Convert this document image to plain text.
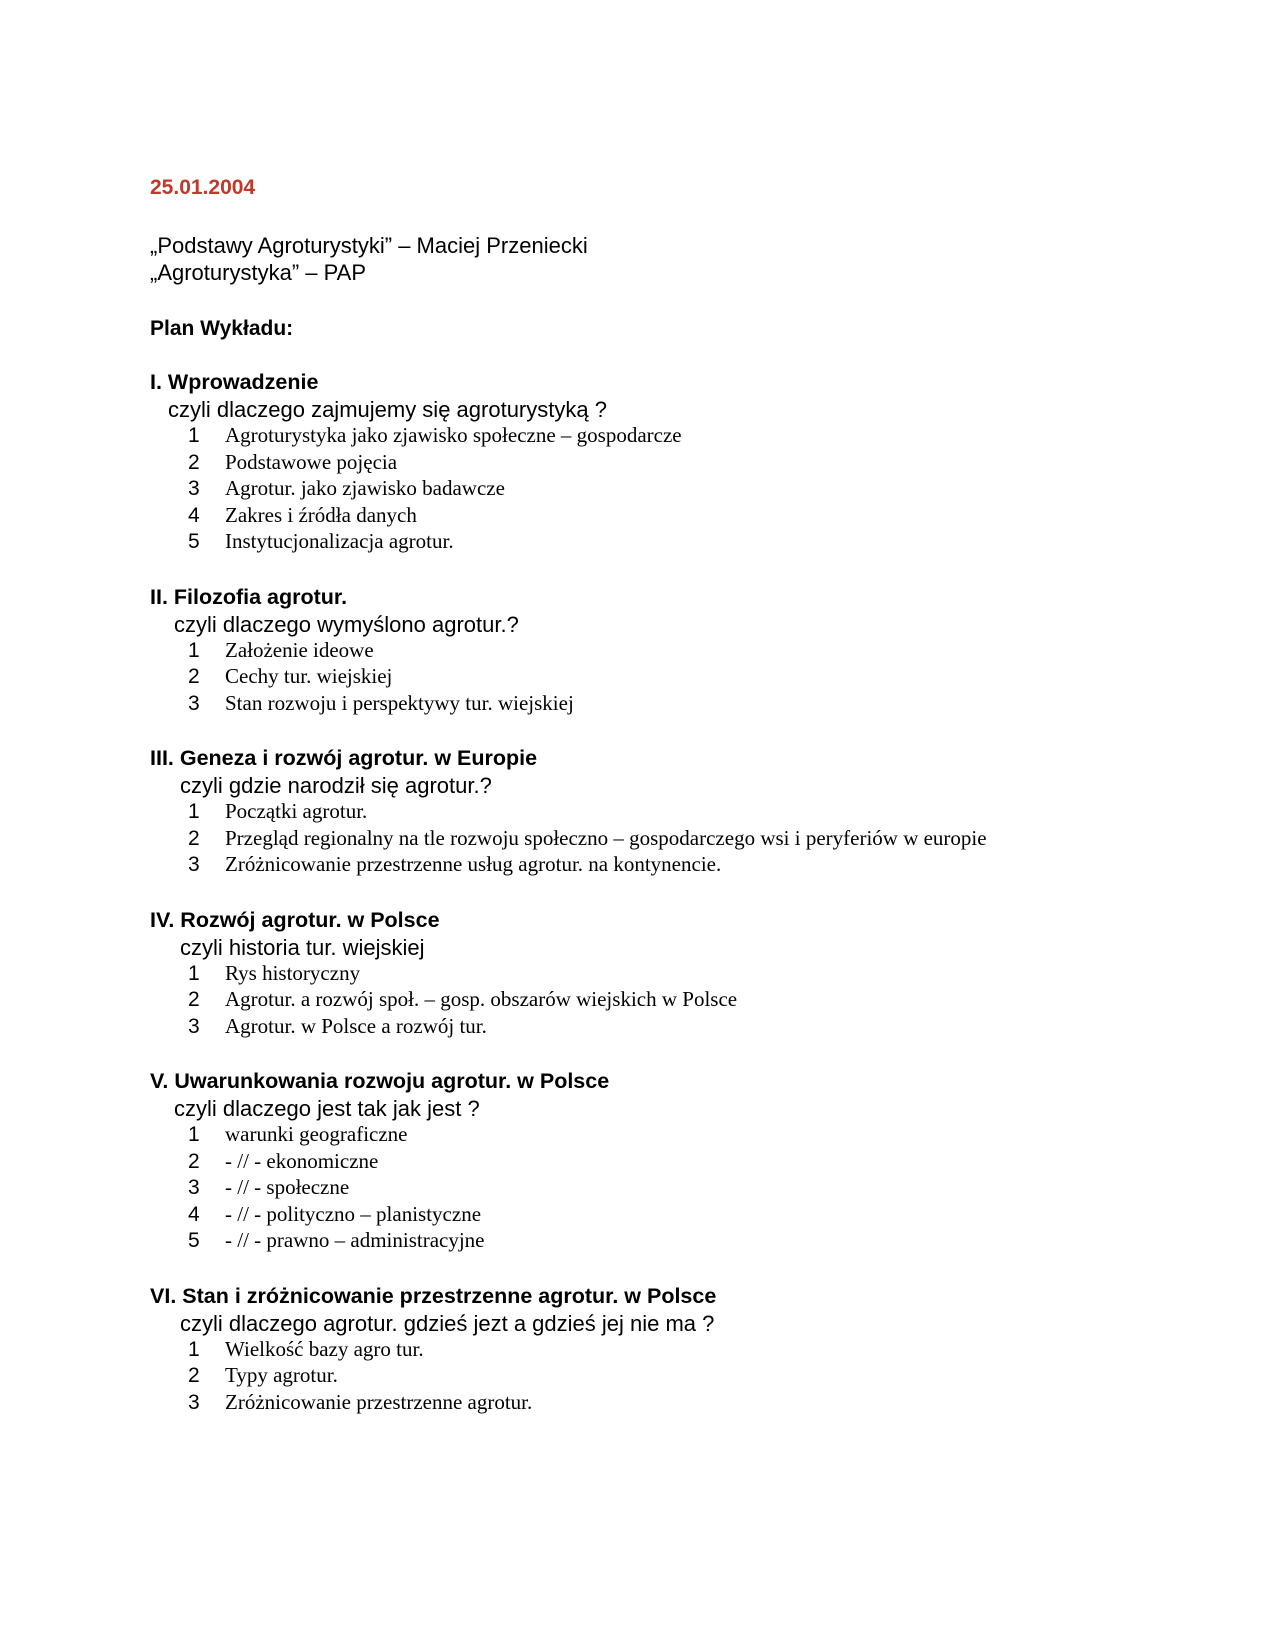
25.01.2004
„Podstawy Agroturystyki” – Maciej Przeniecki
„Agroturystyka” – PAP
Plan Wykładu:
I. Wprowadzenie
czyli dlaczego zajmujemy się agroturystyką ?
1	Agroturystyka jako zjawisko społeczne – gospodarcze
2	Podstawowe pojęcia
3	Agrotur. jako zjawisko badawcze
4	Zakres i źródła danych
5	Instytucjonalizacja agrotur.
II. Filozofia agrotur.
czyli dlaczego wymyślono agrotur.?
1	Założenie ideowe
2	Cechy tur. wiejskiej
3	Stan rozwoju i perspektywy tur. wiejskiej
III. Geneza i rozwój agrotur. w Europie
czyli gdzie narodził się agrotur.?
1	Początki agrotur.
2	Przegląd regionalny na tle rozwoju społeczno – gospodarczego wsi i peryferiów w europie
3	Zróżnicowanie przestrzenne usług agrotur. na kontynencie.
IV. Rozwój agrotur. w Polsce
czyli historia tur. wiejskiej
1	Rys historyczny
2	Agrotur. a rozwój społ. – gosp. obszarów wiejskich w Polsce
3	Agrotur. w Polsce a rozwój tur.
V. Uwarunkowania rozwoju agrotur. w Polsce
czyli dlaczego jest tak jak jest ?
1	warunki geograficzne
2	- // - ekonomiczne
3	- // - społeczne
4	- // - polityczno – planistyczne
5	- // - prawno – administracyjne
VI. Stan i zróżnicowanie przestrzenne agrotur. w Polsce
czyli dlaczego agrotur. gdzieś jezt a gdzieś jej nie ma ?
1	Wielkość bazy agro tur.
2	Typy agrotur.
3	Zróżnicowanie przestrzenne agrotur.
